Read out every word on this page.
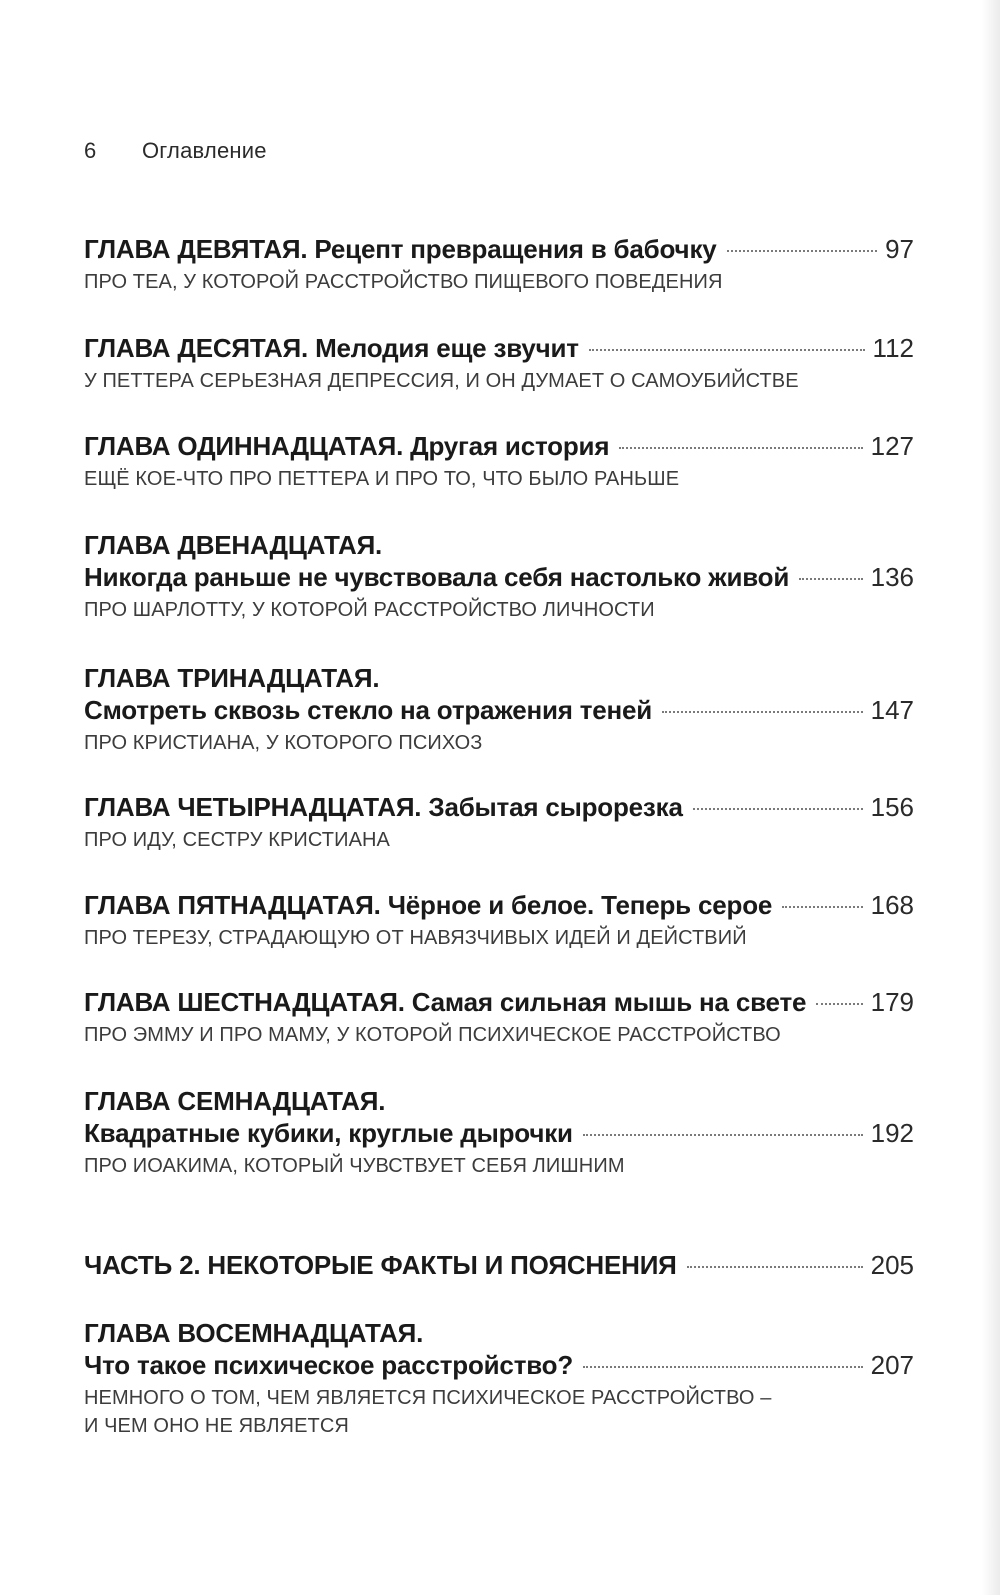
6 Оглавление
ГЛАВА ДЕВЯТАЯ. Рецепт превращения в бабочку	97
ПРО ТЕА, У КОТОРОЙ РАССТРОЙСТВО ПИЩЕВОГО ПОВЕДЕНИЯ
ГЛАВА ДЕСЯТАЯ. Мелодия еще звучит	112
У ПЕТТЕРА СЕРЬЕЗНАЯ ДЕПРЕССИЯ, И ОН ДУМАЕТ О САМОУБИЙСТВЕ
ГЛАВА ОДИННАДЦАТАЯ. Другая история	127
ЕЩЁ КОЕ-ЧТО ПРО ПЕТТЕРА И ПРО ТО, ЧТО БЫЛО РАНЬШЕ
ГЛАВА ДВЕНАДЦАТАЯ.
Никогда раньше не чувствовала себя настолько живой	136
ПРО ШАРЛОТТУ, У КОТОРОЙ РАССТРОЙСТВО ЛИЧНОСТИ
ГЛАВА ТРИНАДЦАТАЯ.
Смотреть сквозь стекло на отражения теней	147
ПРО КРИСТИАНА, У КОТОРОГО ПСИХОЗ
ГЛАВА ЧЕТЫРНАДЦАТАЯ. Забытая сырорезка	156
ПРО ИДУ, СЕСТРУ КРИСТИАНА
ГЛАВА ПЯТНАДЦАТАЯ. Чёрное и белое. Теперь серое	168
ПРО ТЕРЕЗУ, СТРАДАЮЩУЮ ОТ НАВЯЗЧИВЫХ ИДЕЙ И ДЕЙСТВИЙ
ГЛАВА ШЕСТНАДЦАТАЯ. Самая сильная мышь на свете 179
ПРО ЭММУ И ПРО МАМУ, У КОТОРОЙ ПСИХИЧЕСКОЕ РАССТРОЙСТВО
ГЛАВА СЕМНАДЦАТАЯ.
Квадратные кубики, круглые дырочки	192
ПРО ИОАКИМА, КОТОРЫЙ ЧУВСТВУЕТ СЕБЯ ЛИШНИМ
ЧАСТЬ 2. НЕКОТОРЫЕ ФАКТЫ И ПОЯСНЕНИЯ	205
ГЛАВА ВОСЕМНАДЦАТАЯ.
Что такое психическое расстройство?	207
НЕМНОГО О ТОМ, ЧЕМ ЯВЛЯЕТСЯ ПСИХИЧЕСКОЕ РАССТРОЙСТВО –
И ЧЕМ ОНО НЕ ЯВЛЯЕТСЯ
